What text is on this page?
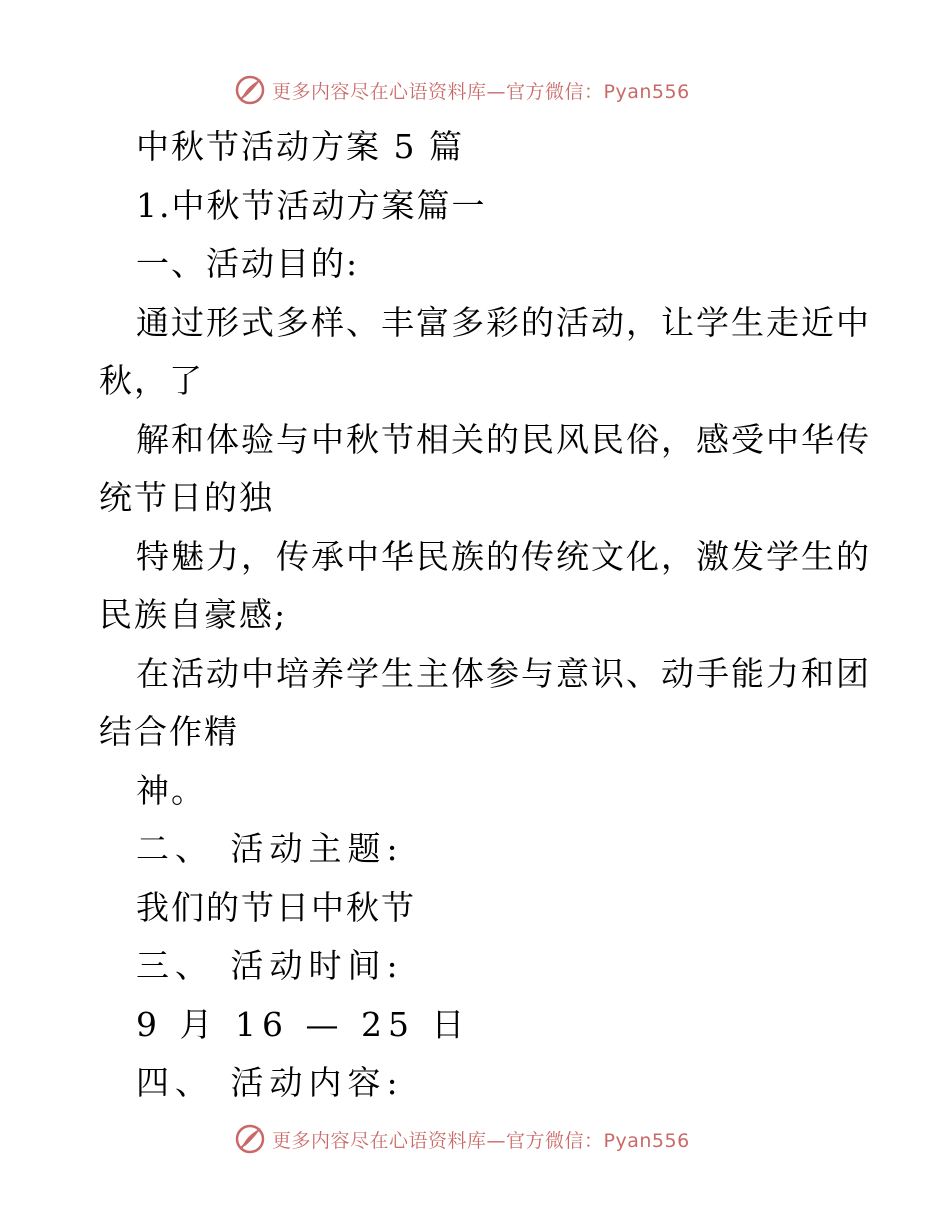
更多内容尽在心语资料库—官方微信：Pyan556
中秋节活动方案 5 篇
1.中秋节活动方案篇一
一、活动目的:
通过形式多样、丰富多彩的活动，让学生走近中
秋，了
解和体验与中秋节相关的民风民俗，感受中华传
统节日的独
特魅力，传承中华民族的传统文化，激发学生的
民族自豪感;
在活动中培养学生主体参与意识、动手能力和团
结合作精
神。
二、 活动主题:
我们的节日中秋节
三、 活动时间:
9 月 16 — 25 日
四、 活动内容:
更多内容尽在心语资料库—官方微信：Pyan556
